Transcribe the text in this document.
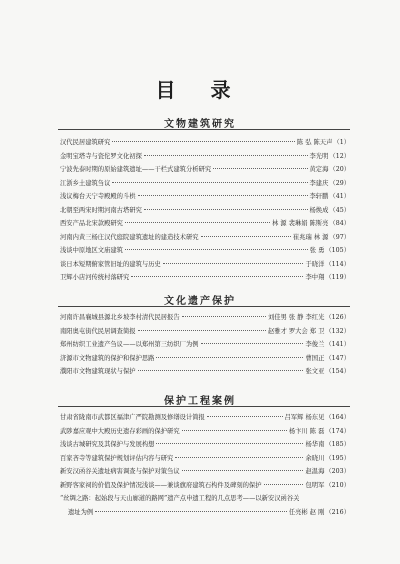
目 录
文物建筑研究
汉代民居建筑研究	陈 弘 陈天声 （1）
金明宝塔寺与瓷佗罗文化初探	李光明 （12）
宁波先泰时期的原始建筑遗址——干栏式建筑分析研究	黄定海 （20）
江浙乡土建筑刍议	李建庆 （29）
浅议梅台天宁寺殿殿的斗栱	李轩鹏 （41）
北朝至两宋时期河南古塔研究	杨焕成 （45）
西安产品北宋款殿研究	林 源 裴琳娟 陈斯亮 （84）
河南内黄三杨庄汉代庭院建筑遗址的建造技术研究	崔兆瑞 林 源 （97）
浅谈中原地区文庙建筑	张 勇 （105）
谈日本短期俯家管旧址的建筑与历史	于晓洋 （114）
卫辉小店河传统村落研究	李中翔 （119）
文化遗产保护
河南许昌襄城县源北乡坡李村清代民居报告	刘佳男 张 静 李红光 （126）
南阳奥屯街代民居调查简报	赵雅才 罗大会 郑 卫 （132）
郑州纺织工业遗产刍议——以郑州第三纺织厂为例	李俊兰 （141）
济源市文物建筑的保护和保护思路	曹国正 （147）
濮阳市文物建筑现状与保护	张文亚 （154）
保护工程案例
甘肃省陇南市武都区福津广严院勘测及修缮设计简报	吕军辉 杨东见 （164）
武陟嘉应观中大殿历史遗存彩画的保护研究	杨卞川 陈 磊 （174）
浅谈古城研究及其保护与发展构想	杨华南 （185）
百家吝寺等建筑保护规划评估内容与研究	余晓川 （195）
新安汉函谷关遗址病害调查与保护对策刍议	赵温海 （203）
新野客家祠的价值及保护情况浅谈——兼谈旗府建筑石构件及碑刻的保护	包明军 （210）
“丝绸之路：起始段与天山廊道的路网”遗产点申遗工程的几点思考——以新安汉函谷关
遗址为例	任亮彬 赵 刚 （216）
